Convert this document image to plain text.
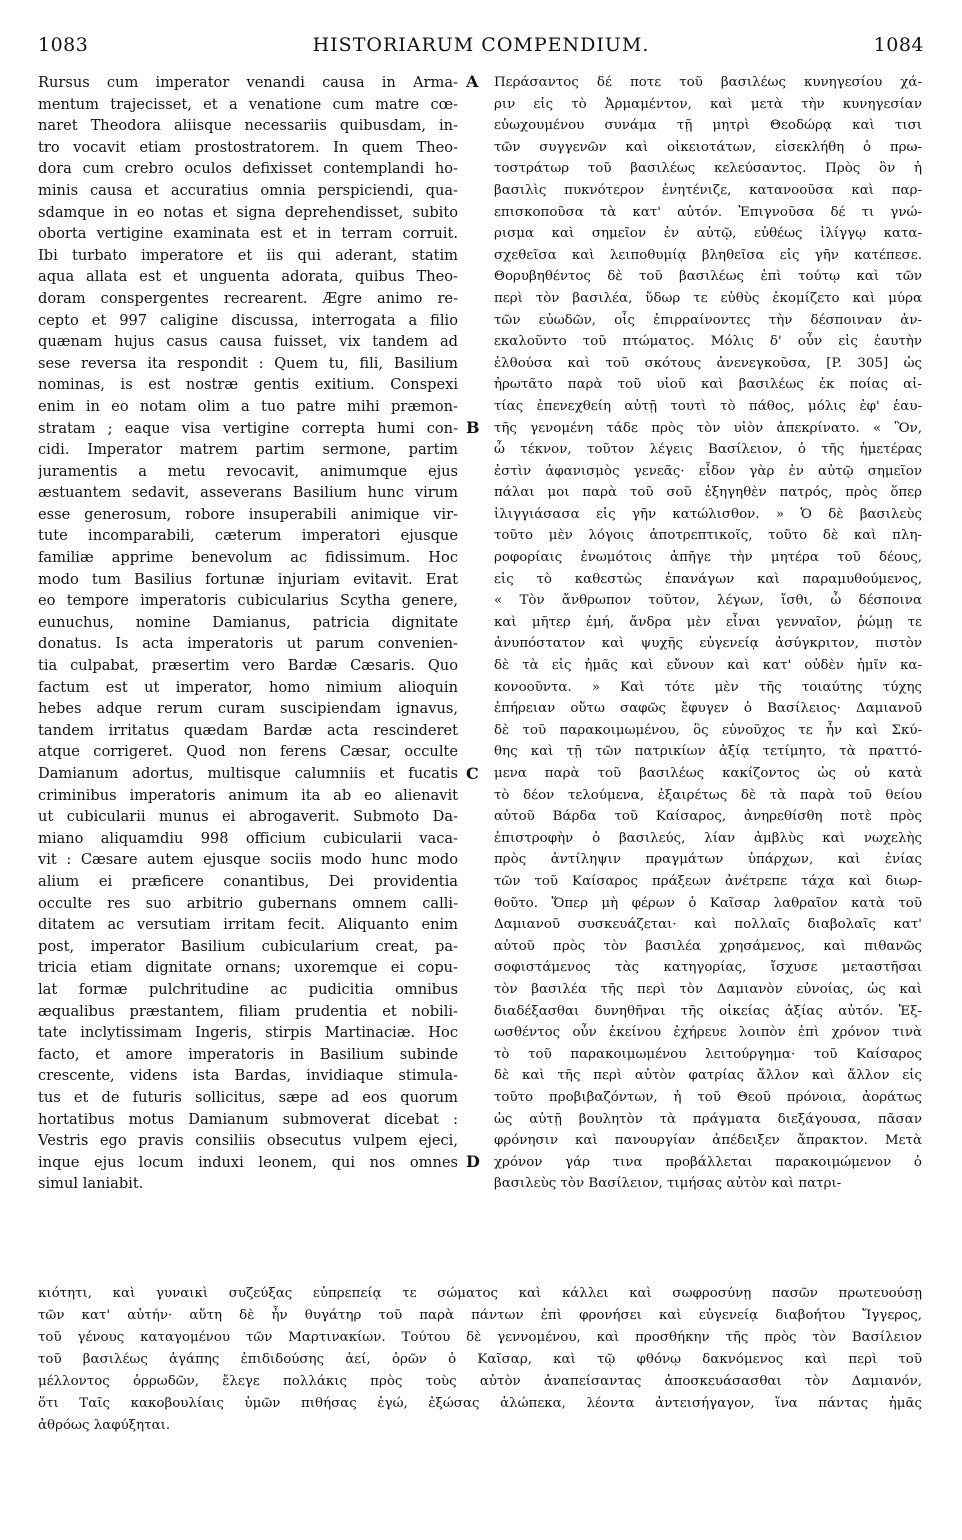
1083	HISTORIARUM COMPENDIUM.	1084
Rursus cum imperator venandi causa in Arma-
mentum trajecisset, et a venatione cum matre cœ-
naret Theodora aliisque necessariis quibusdam, in-
tro vocavit etiam prostostratorem. In quem Theo-
dora cum crebro oculos defixisset contemplandi ho-
minis causa et accuratius omnia perspiciendi, qua-
sdamque in eo notas et signa deprehendisset, subito
oborta vertigine examinata est et in terram corruit.
Ibi turbato imperatore et iis qui aderant, statim
aqua allata est et unguenta adorata, quibus Theo-
doram conspergentes recrearent. Ægre animo re-
cepto et 997 caligine discussa, interrogata a filio
quænam hujus casus causa fuisset, vix tandem ad
sese reversa ita respondit : Quem tu, fili, Basilium
nominas, is est nostræ gentis exitium. Conspexi
enim in eo notam olim a tuo patre mihi præmon-
stratam ; eaque visa vertigine correpta humi con-
cidi. Imperator matrem partim sermone, partim
juramentis a metu revocavit, animumque ejus
æstuantem sedavit, asseverans Basilium hunc virum
esse generosum, robore insuperabili animique vir-
tute incomparabili, cæterum imperatori ejusque
familiæ apprime benevolum ac fidissimum. Hoc
modo tum Basilius fortunæ injuriam evitavit. Erat
eo tempore imperatoris cubicularius Scytha genere,
eunuchus, nomine Damianus, patricia dignitate
donatus. Is acta imperatoris ut parum convenien-
tia culpabat, præsertim vero Bardæ Cæsaris. Quo
factum est ut imperator, homo nimium alioquin
hebes adque rerum curam suscipiendam ignavus,
tandem irritatus quædam Bardæ acta rescinderet
atque corrigeret. Quod non ferens Cæsar, occulte
Damianum adortus, multisque calumniis et fucatis
criminibus imperatoris animum ita ab eo alienavit
ut cubicularii munus ei abrogaverit. Submoto Da-
miano aliquamdiu 998 officium cubicularii vaca-
vit : Cæsare autem ejusque sociis modo hunc modo
alium ei præficere conantibus, Dei providentia
occulte res suo arbitrio gubernans omnem calli-
ditatem ac versutiam irritam fecit. Aliquanto enim
post, imperator Basilium cubicularium creat, pa-
tricia etiam dignitate ornans; uxoremque ei copu-
lat formæ pulchritudine ac pudicitia omnibus
æqualibus præstantem, filiam prudentia et nobili-
tate inclytissimam Ingeris, stirpis Martinaciæ. Hoc
facto, et amore imperatoris in Basilium subinde
crescente, videns ista Bardas, invidiaque stimula-
tus et de futuris sollicitus, sæpe ad eos quorum
hortatibus motus Damianum submoverat dicebat :
Vestris ego pravis consiliis obsecutus vulpem ejeci,
inque ejus locum induxi leonem, qui nos omnes
simul laniabit.
Περάσαντος δέ ποτε τοῦ βασιλέως κυνηγεσίου χά-
ριν εἰς τὸ Ἀρμαμέντον, καὶ μετὰ τὴν κυνηγεσίαν
εὐωχουμένου συνάμα τῇ μητρὶ Θεοδώρᾳ καὶ τισι
τῶν συγγενῶν καὶ οἰκειοτάτων, εἰσεκλήθη ὁ πρω-
τοστράτωρ τοῦ βασιλέως κελεύσαντος. Πρὸς ὃν ἡ
βασιλὶς πυκνότερον ἐνητένιζε, κατανοοῦσα καὶ παρ-
επισκοποῦσα τὰ κατ' αὐτόν. Ἐπιγνοῦσα δέ τι γνώ-
ρισμα καὶ σημεῖον ἐν αὐτῷ, εὐθέως ἰλίγγῳ κατα-
σχεθεῖσα καὶ λειποθυμίᾳ βληθεῖσα εἰς γῆν κατέπεσε.
Θορυβηθέντος δὲ τοῦ βασιλέως ἐπὶ τούτῳ καὶ τῶν
περὶ τὸν βασιλέα, ὕδωρ τε εὐθὺς ἐκομίζετο καὶ μύρα
τῶν εὐωδῶν, οἷς ἐπιρραίνοντες τὴν δέσποιναν ἀν-
εκαλοῦντο τοῦ πτώματος. Μόλις δ' οὖν εἰς ἑαυτὴν
ἐλθούσα καὶ τοῦ σκότους ἀνενεγκοῦσα, [P. 305] ὡς
ἠρωτᾶτο παρὰ τοῦ υἱοῦ καὶ βασιλέως ἐκ ποίας αἰ-
τίας ἐπενεχθείη αὐτῇ τουτὶ τὸ πάθος, μόλις ἐφ' ἑαυ-
τῆς γενομένη τάδε πρὸς τὸν υἱὸν ἀπεκρίνατο. « Ὃν,
ὦ τέκνον, τοῦτον λέγεις Βασίλειον, ὁ τῆς ἡμετέρας
ἐστὶν ἀφανισμὸς γενεᾶς· εἶδον γὰρ ἐν αὐτῷ σημεῖον
πάλαι μοι παρὰ τοῦ σοῦ ἐξηγηθὲν πατρός, πρὸς ὅπερ
ἰλιγγιάσασα εἰς γῆν κατώλισθον. » Ὁ δὲ βασιλεὺς
τοῦτο μὲν λόγοις ἀποτρεπτικοῖς, τοῦτο δὲ καὶ πλη-
ροφορίαις ἐνωμότοις ἀπῆγε τὴν μητέρα τοῦ δέους,
εἰς τὸ καθεστὼς ἐπανάγων καὶ παραμυθούμενος,
« Τὸν ἄνθρωπον τοῦτον, λέγων, ἴσθι, ὦ δέσποινα
καὶ μῆτερ ἐμή, ἄνδρα μὲν εἶναι γενναῖον, ῥώμῃ τε
ἀνυπόστατον καὶ ψυχῆς εὐγενείᾳ ἀσύγκριτον, πιστὸν
δὲ τὰ εἰς ἡμᾶς καὶ εὔνουν καὶ κατ' οὐδὲν ἡμῖν κα-
κονοοῦντα. » Καὶ τότε μὲν τῆς τοιαύτης τύχης
ἐπήρειαν οὕτω σαφῶς ἔφυγεν ὁ Βασίλειος· Δαμιανοῦ
δὲ τοῦ παρακοιμωμένου, ὃς εὐνοῦχος τε ἦν καὶ Σκύ-
θης καὶ τῇ τῶν πατρικίων ἀξίᾳ τετίμητο, τὰ πραττό-
μενα παρὰ τοῦ βασιλέως κακίζοντος ὡς οὐ κατὰ
τὸ δέον τελούμενα, ἐξαιρέτως δὲ τὰ παρὰ τοῦ θείου
αὐτοῦ Βάρδα τοῦ Καίσαρος, ἀνηρεθίσθη ποτὲ πρὸς
ἐπιστροφὴν ὁ βασιλεύς, λίαν ἀμβλὺς καὶ νωχελὴς
πρὸς ἀντίληψιν πραγμάτων ὑπάρχων, καὶ ἐνίας
τῶν τοῦ Καίσαρος πράξεων ἀνέτρεπε τάχα καὶ διωρ-
θοῦτο. Ὅπερ μὴ φέρων ὁ Καῖσαρ λαθραῖον κατὰ τοῦ
Δαμιανοῦ συσκευάζεται· καὶ πολλαῖς διαβολαῖς κατ'
αὐτοῦ πρὸς τὸν βασιλέα χρησάμενος, καὶ πιθανῶς
σοφιστάμενος τὰς κατηγορίας, ἴσχυσε μεταστῆσαι
τὸν βασιλέα τῆς περὶ τὸν Δαμιανὸν εὐνοίας, ὡς καὶ
διαδέξασθαι δυνηθῆναι τῆς οἰκείας ἀξίας αὐτόν. Ἐξ-
ωσθέντος οὖν ἐκείνου ἐχήρευε λοιπὸν ἐπὶ χρόνον τινὰ
τὸ τοῦ παρακοιμωμένου λειτούργημα· τοῦ Καίσαρος
δὲ καὶ τῆς περὶ αὐτὸν φατρίας ἄλλον καὶ ἄλλον εἰς
τοῦτο προβιβαζόντων, ἡ τοῦ Θεοῦ πρόνοια, ἀοράτως
ὡς αὐτῇ βουλητὸν τὰ πράγματα διεξάγουσα, πᾶσαν
φρόνησιν καὶ πανουργίαν ἀπέδειξεν ἄπρακτον. Μετὰ
χρόνον γάρ τινα προβάλλεται παρακοιμώμενον ὁ
βασιλεὺς τὸν Βασίλειον, τιμήσας αὐτὸν καὶ πατρι-
A
B
C
D
κιότητι, καὶ γυναικὶ συζεύξας εὐπρεπείᾳ τε σώματος καὶ κάλλει καὶ σωφροσύνῃ πασῶν πρωτευούσῃ
τῶν κατ' αὐτήν· αὕτη δὲ ἦν θυγάτηρ τοῦ παρὰ πάντων ἐπὶ φρονήσει καὶ εὐγενείᾳ διαβοήτου Ἴγγερος,
τοῦ γένους καταγομένου τῶν Μαρτινακίων. Τούτου δὲ γεννομένου, καὶ προσθήκην τῆς πρὸς τὸν Βασίλειον
τοῦ βασιλέως ἀγάπης ἐπιδιδούσης ἀεί, ὁρῶν ὁ Καῖσαρ, καὶ τῷ φθόνῳ δακνόμενος καὶ περὶ τοῦ
μέλλοντος ὀρρωδῶν, ἔλεγε πολλάκις πρὸς τοὺς αὐτὸν ἀναπείσαντας ἀποσκευάσασθαι τὸν Δαμιανόν,
ὅτι Ταῖς κακοβουλίαις ὑμῶν πιθήσας ἐγώ, ἐξώσας ἀλώπεκα, λέοντα ἀντεισήγαγον, ἵνα πάντας ἡμᾶς
ἀθρόως λαφύξηται.
